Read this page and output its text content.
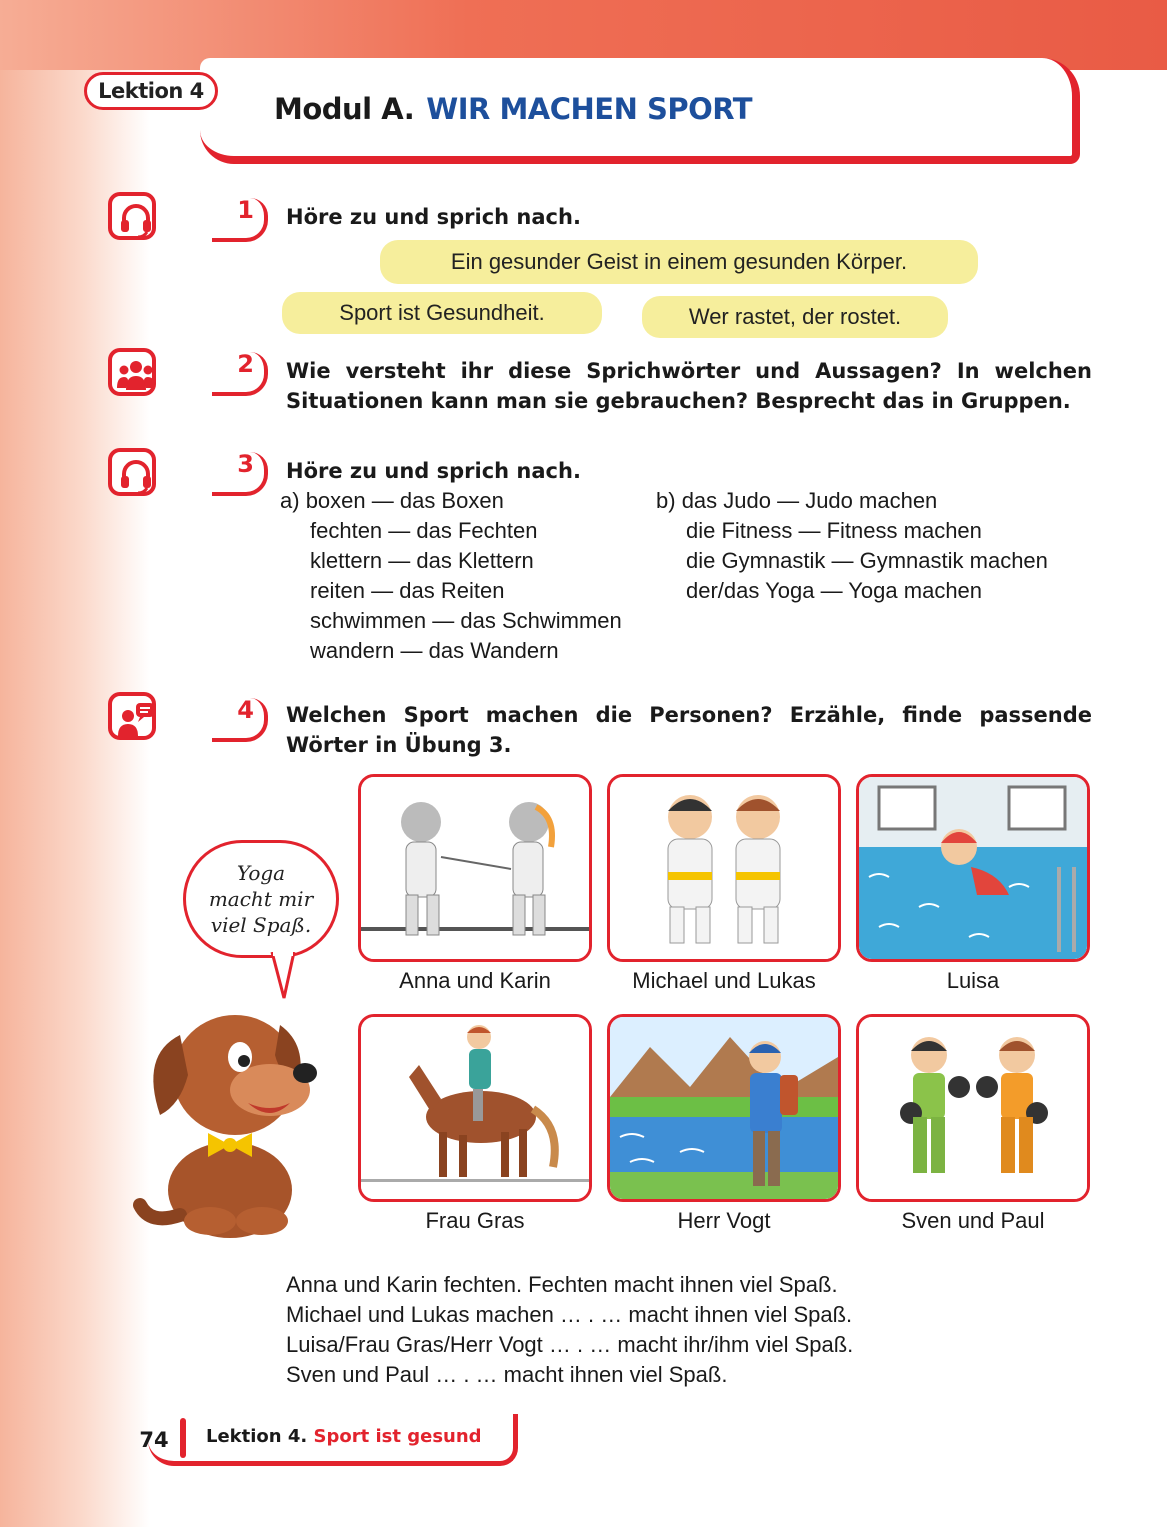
Lektion 4
Modul A. WIR MACHEN SPORT
1 Höre zu und sprich nach.
Ein gesunder Geist in einem gesunden Körper.
Sport ist Gesundheit.	Wer rastet, der rostet.
2 Wie versteht ihr diese Sprichwörter und Aussagen? In welchen Situationen kann man sie gebrauchen? Besprecht das in Gruppen.
3 Höre zu und sprich nach.
a) boxen — das Boxen
fechten — das Fechten
klettern — das Klettern
reiten — das Reiten
schwimmen — das Schwimmen
wandern — das Wandern
b) das Judo — Judo machen
die Fitness — Fitness machen
die Gymnastik — Gymnastik machen
der/das Yoga — Yoga machen
4 Welchen Sport machen die Personen? Erzähle, finde passende Wörter in Übung 3.
Yoga
macht mir
viel Spaß.
Anna und Karin	Michael und Lukas	Luisa
Frau Gras	Herr Vogt	Sven und Paul
Anna und Karin fechten. Fechten macht ihnen viel Spaß.
Michael und Lukas machen … . … macht ihnen viel Spaß.
Luisa/Frau Gras/Herr Vogt … . … macht ihr/ihm viel Spaß.
Sven und Paul … . … macht ihnen viel Spaß.
74	Lektion 4. Sport ist gesund
